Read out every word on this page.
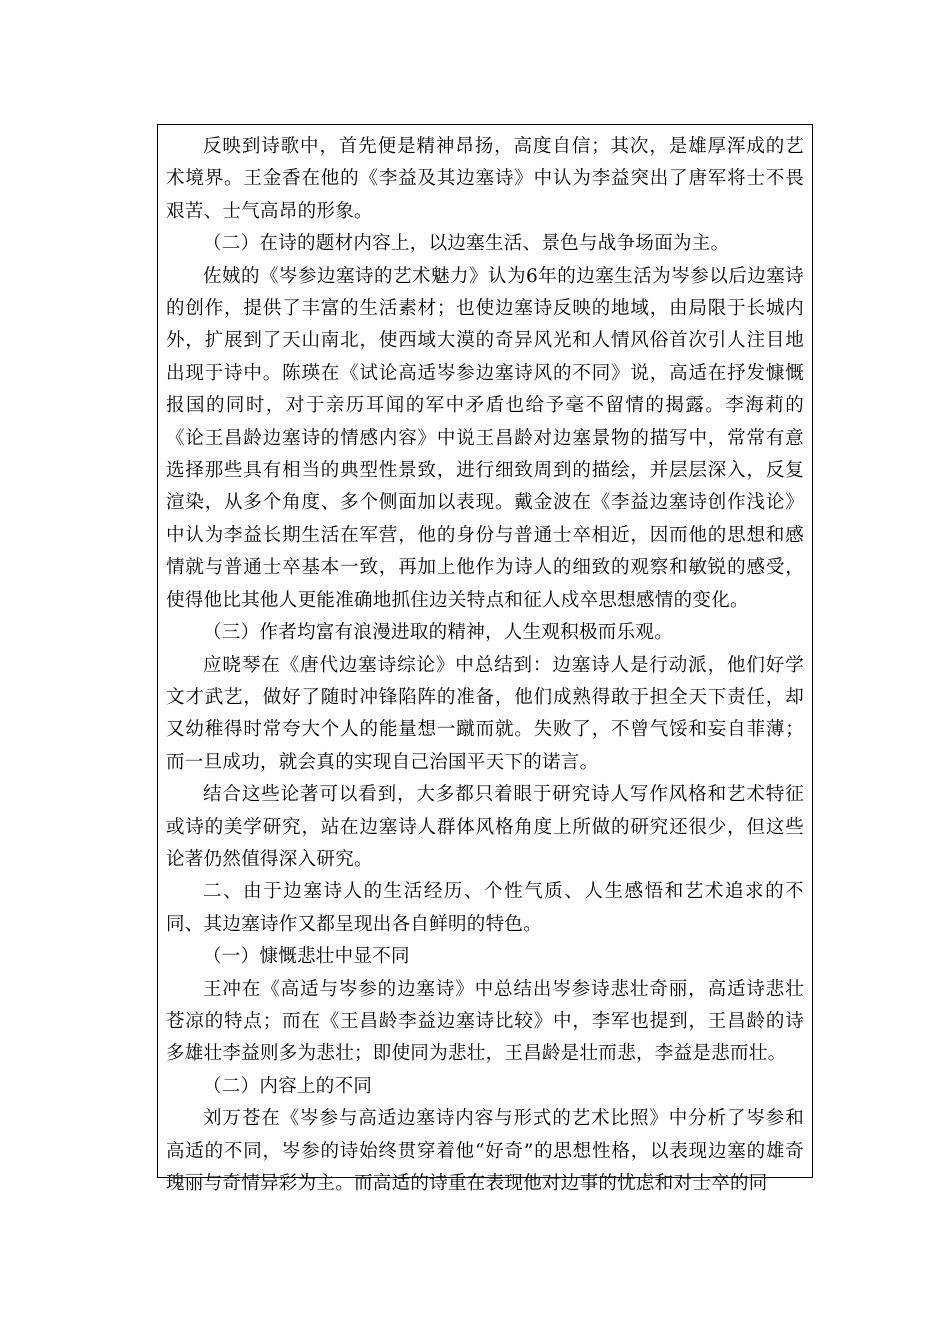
反映到诗歌中，首先便是精神昂扬，高度自信；其次，是雄厚浑成的艺术境界。王金香在他的《李益及其边塞诗》中认为李益突出了唐军将士不畏艰苦、士气高昂的形象。

（二）在诗的题材内容上，以边塞生活、景色与战争场面为主。

佐娀的《岑参边塞诗的艺术魅力》认为6年的边塞生活为岑参以后边塞诗的创作，提供了丰富的生活素材；也使边塞诗反映的地域，由局限于长城内外，扩展到了天山南北，使西域大漠的奇异风光和人情风俗首次引人注目地出现于诗中。陈瑛在《试论高适岑参边塞诗风的不同》说，高适在抒发慷慨报国的同时，对于亲历耳闻的军中矛盾也给予毫不留情的揭露。李海莉的《论王昌龄边塞诗的情感内容》中说王昌龄对边塞景物的描写中，常常有意选择那些具有相当的典型性景致，进行细致周到的描绘，并层层深入，反复渲染，从多个角度、多个侧面加以表现。戴金波在《李益边塞诗创作浅论》中认为李益长期生活在军营，他的身份与普通士卒相近，因而他的思想和感情就与普通士卒基本一致，再加上他作为诗人的细致的观察和敏锐的感受，使得他比其他人更能准确地抓住边关特点和征人戍卒思想感情的变化。

（三）作者均富有浪漫进取的精神，人生观积极而乐观。

应晓琴在《唐代边塞诗综论》中总结到：边塞诗人是行动派，他们好学文才武艺，做好了随时冲锋陷阵的准备，他们成熟得敢于担全天下责任，却又幼稚得时常夸大个人的能量想一蹴而就。失败了，不曾气馁和妄自菲薄；而一旦成功，就会真的实现自己治国平天下的诺言。

结合这些论著可以看到，大多都只着眼于研究诗人写作风格和艺术特征或诗的美学研究，站在边塞诗人群体风格角度上所做的研究还很少，但这些论著仍然值得深入研究。

二、由于边塞诗人的生活经历、个性气质、人生感悟和艺术追求的不同、其边塞诗作又都呈现出各自鲜明的特色。

（一）慷慨悲壮中显不同

王冲在《高适与岑参的边塞诗》中总结出岑参诗悲壮奇丽，高适诗悲壮苍凉的特点；而在《王昌龄李益边塞诗比较》中，李军也提到，王昌龄的诗多雄壮李益则多为悲壮；即使同为悲壮，王昌龄是壮而悲，李益是悲而壮。

（二）内容上的不同

刘万苍在《岑参与高适边塞诗内容与形式的艺术比照》中分析了岑参和高适的不同，岑参的诗始终贯穿着他“好奇”的思想性格，以表现边塞的雄奇瑰丽与奇情异彩为主。而高适的诗重在表现他对边事的忧虑和对士卒的同
